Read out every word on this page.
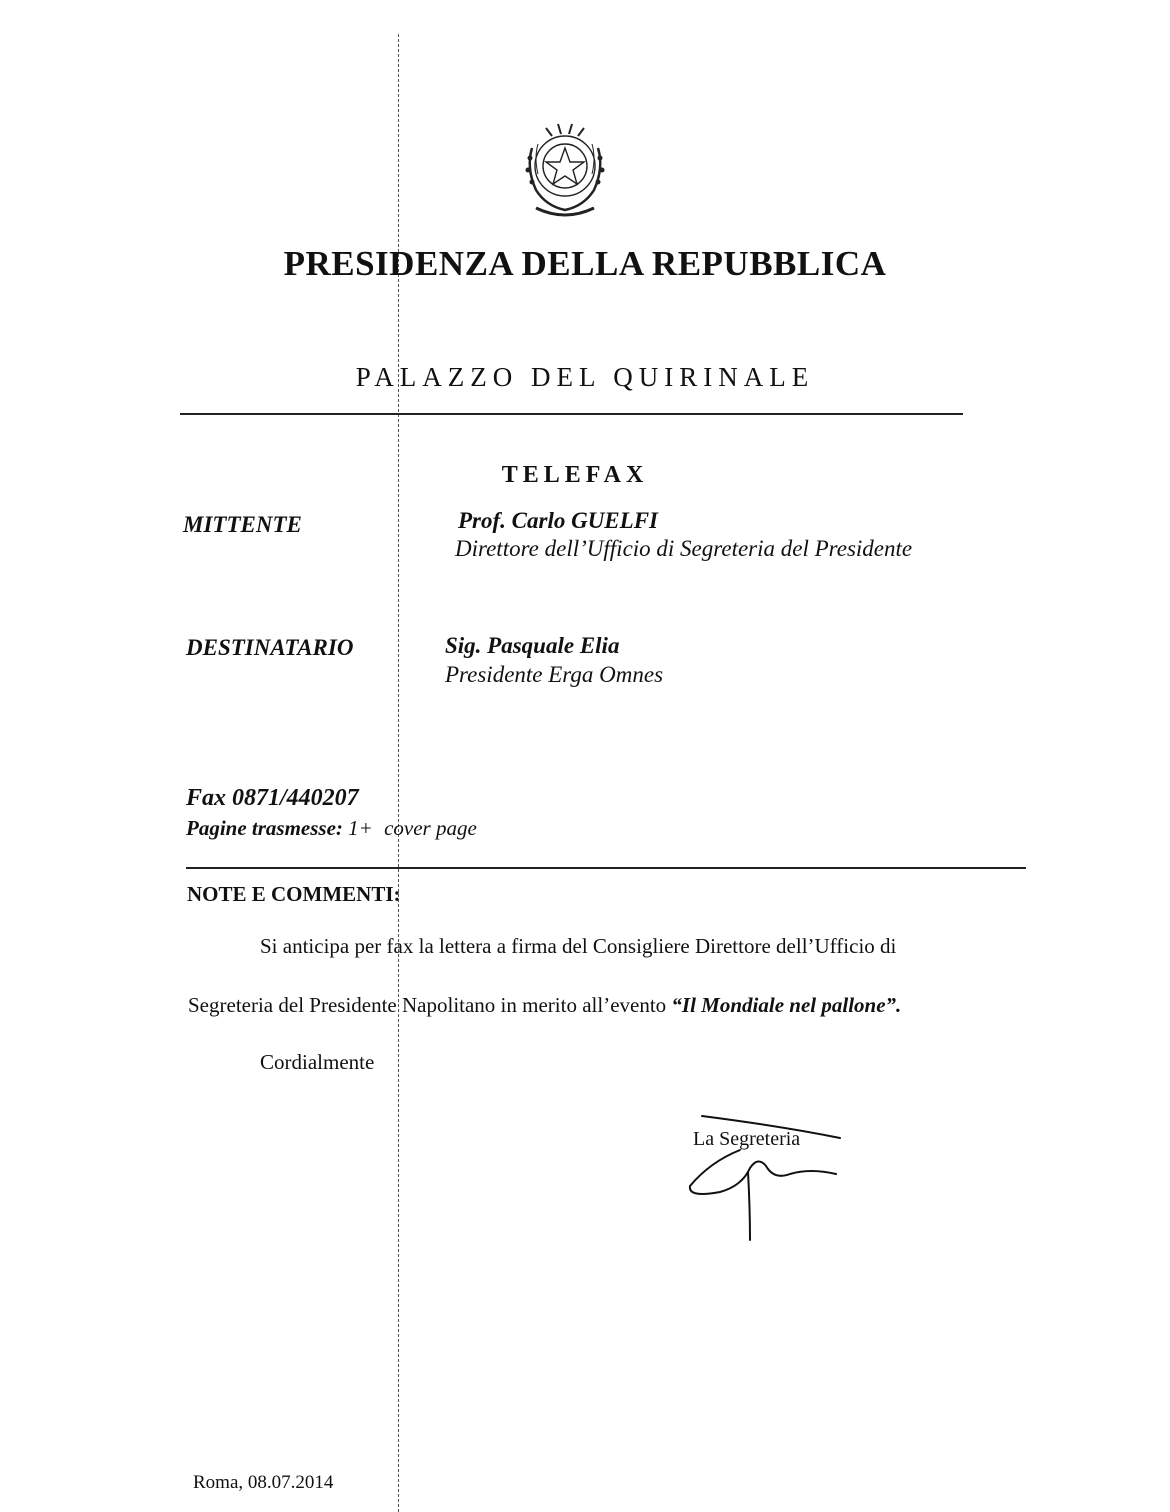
PRESIDENZA DELLA REPUBBLICA
PALAZZO DEL QUIRINALE
TELEFAX
MITTENTE	Prof. Carlo GUELFI
Direttore dell’Ufficio di Segreteria del Presidente
DESTINATARIO	Sig. Pasquale Elia
Presidente Erga Omnes
Fax 0871/440207
Pagine trasmesse: 1+ cover page
NOTE E COMMENTI:
Si anticipa per fax la lettera a firma del Consigliere Direttore dell’Ufficio di
Segreteria del Presidente Napolitano in merito all’evento “Il Mondiale nel pallone”.
Cordialmente
La Segreteria
Roma, 08.07.2014
